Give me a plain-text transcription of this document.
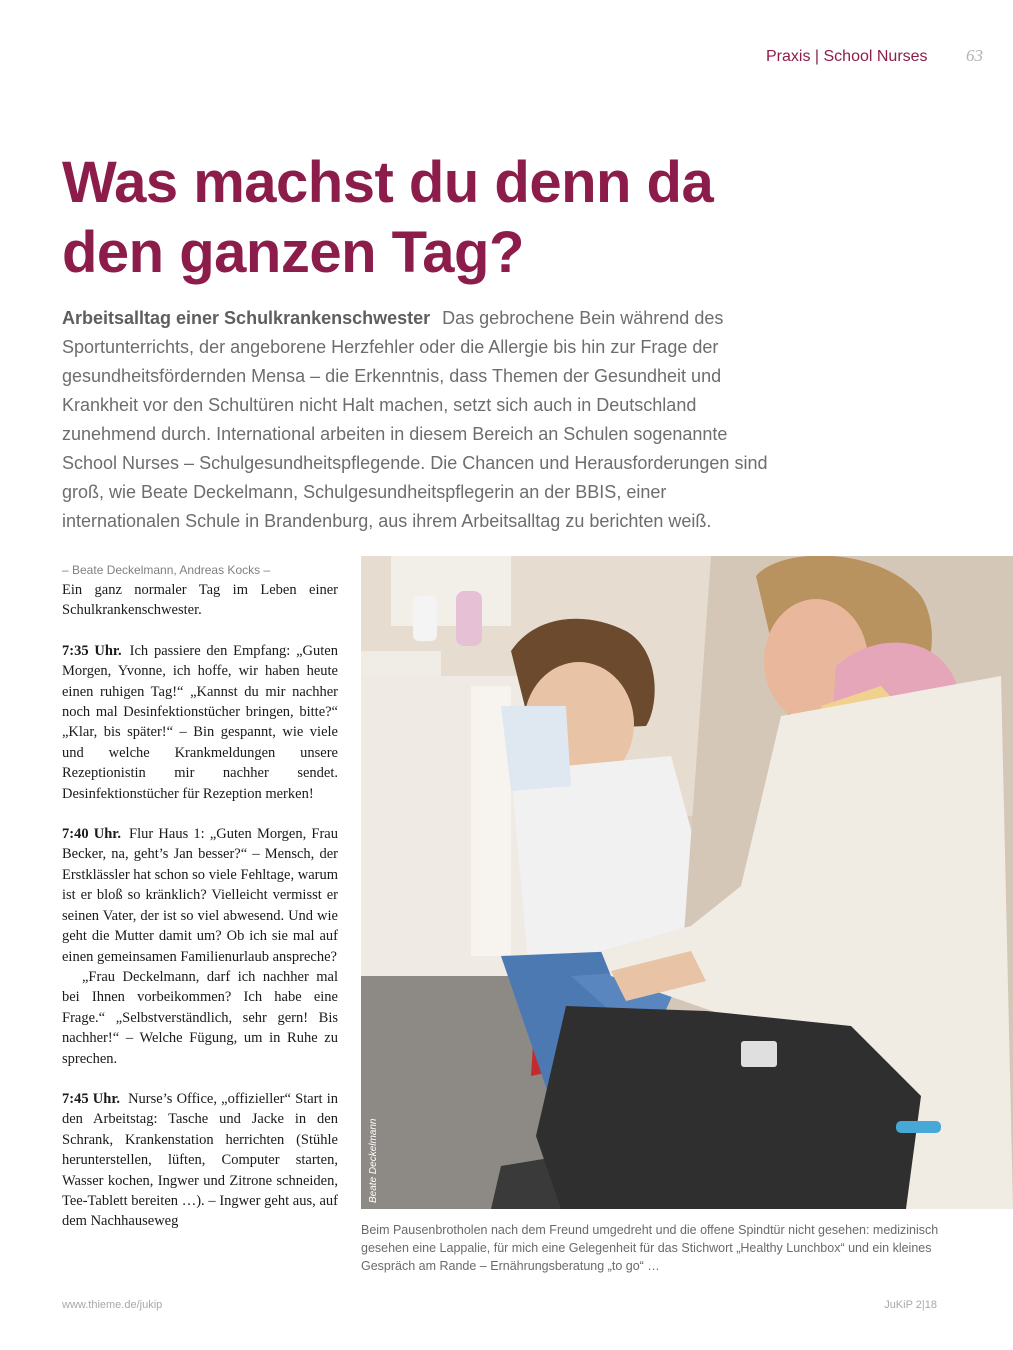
Praxis | School Nurses 63
Was machst du denn da den ganzen Tag?

Arbeitsalltag einer Schulkrankenschwester Das gebrochene Bein während des Sportunterrichts, der angeborene Herzfehler oder die Allergie bis hin zur Frage der gesundheitsfördernden Mensa – die Erkenntnis, dass Themen der Gesundheit und Krankheit vor den Schultüren nicht Halt machen, setzt sich auch in Deutschland zunehmend durch. International arbeiten in diesem Bereich an Schulen sogenannte School Nurses – Schulgesundheitspflegende. Die Chancen und Herausforderungen sind groß, wie Beate Deckelmann, Schulgesundheitspflegerin an der BBIS, einer internationalen Schule in Brandenburg, aus ihrem Arbeitsalltag zu berichten weiß.

– Beate Deckelmann, Andreas Kocks –

Ein ganz normaler Tag im Leben einer Schulkrankenschwester.

7:35 Uhr. Ich passiere den Empfang: „Guten Morgen, Yvonne, ich hoffe, wir haben heute einen ruhigen Tag!“ „Kannst du mir nachher noch mal Desinfektionstücher bringen, bitte?“ „Klar, bis später!“ – Bin gespannt, wie viele und welche Krankmeldungen unsere Rezeptionistin mir nachher sendet. Desinfektionstücher für Rezeption merken!

7:40 Uhr. Flur Haus 1: „Guten Morgen, Frau Becker, na, geht’s Jan besser?“ – Mensch, der Erstklässler hat schon so viele Fehltage, warum ist er bloß so kränklich? Vielleicht vermisst er seinen Vater, der ist so viel abwesend. Und wie geht die Mutter damit um? Ob ich sie mal auf einen gemeinsamen Familienurlaub anspreche?

„Frau Deckelmann, darf ich nachher mal bei Ihnen vorbeikommen? Ich habe eine Frage.“ „Selbstverständlich, sehr gern! Bis nachher!“ – Welche Fügung, um in Ruhe zu sprechen.

7:45 Uhr. Nurse’s Office, „offizieller“ Start in den Arbeitstag: Tasche und Jacke in den Schrank, Krankenstation herrichten (Stühle herunterstellen, lüften, Computer starten, Wasser kochen, Ingwer und Zitrone schneiden, Tee-Tablett bereiten …). – Ingwer geht aus, auf dem Nachhauseweg

Beate Deckelmann

Beim Pausenbrotholen nach dem Freund umgedreht und die offene Spindtür nicht gesehen: medizinisch gesehen eine Lappalie, für mich eine Gelegenheit für das Stichwort „Healthy Lunchbox“ und ein kleines Gespräch am Rande – Ernährungsberatung „to go“ …

www.thieme.de/jukip	JuKiP 2|18
